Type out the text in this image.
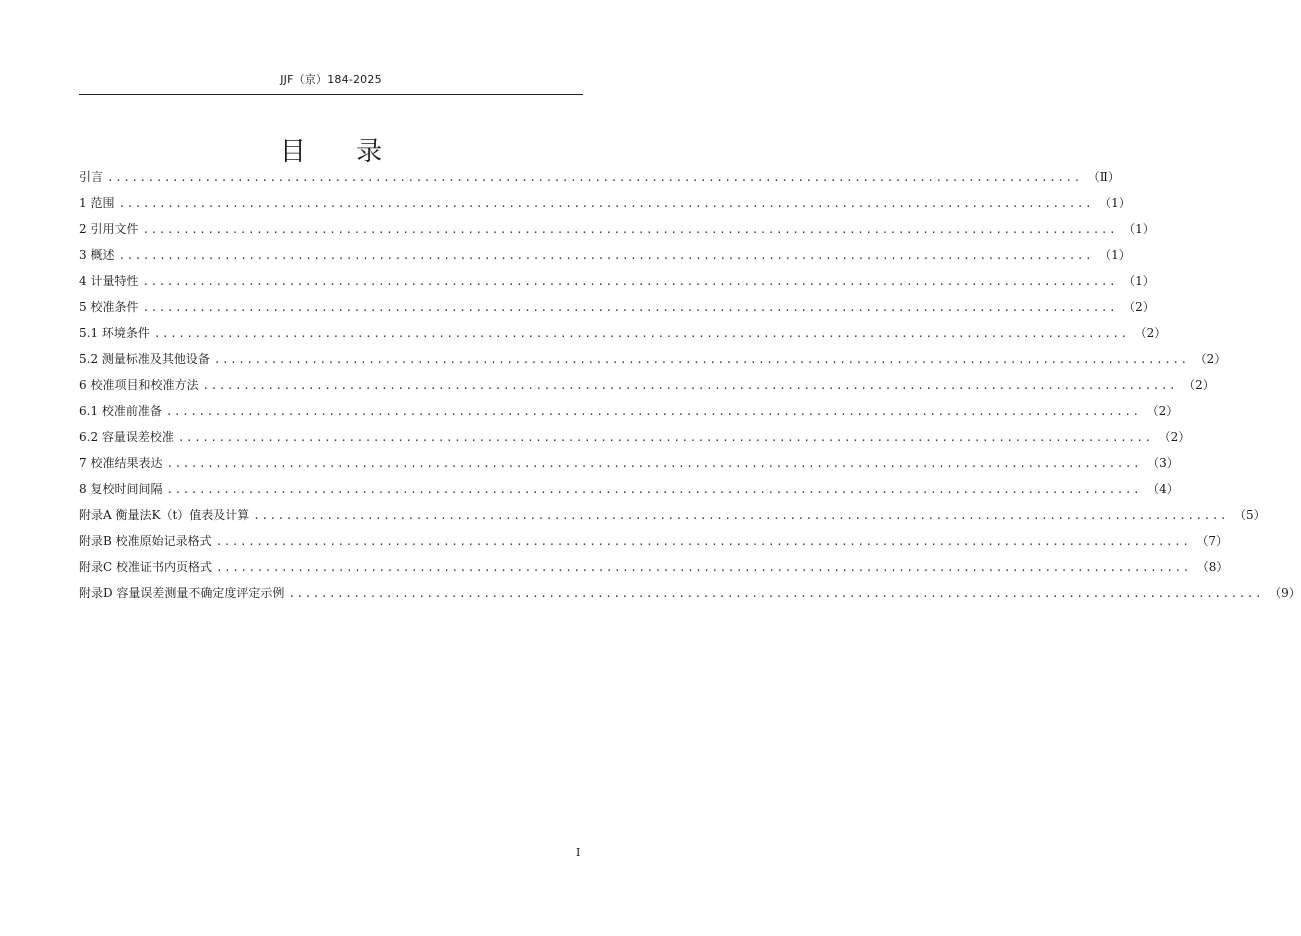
JJF（京）184-2025
目 录
引言 ........................................................................................................................ （Ⅱ）
1 范围 ........................................................................................................................ （1）
2 引用文件 ........................................................................................................................ （1）
3 概述 ........................................................................................................................ （1）
4 计量特性 ........................................................................................................................ （1）
5 校准条件 ........................................................................................................................ （2）
5.1 环境条件 ........................................................................................................................ （2）
5.2 测量标准及其他设备 ........................................................................................................................ （2）
6 校准项目和校准方法 ........................................................................................................................ （2）
6.1 校准前准备 ........................................................................................................................ （2）
6.2 容量误差校准 ........................................................................................................................ （2）
7 校准结果表达 ........................................................................................................................ （3）
8 复校时间间隔 ........................................................................................................................ （4）
附录A 衡量法K（t）值表及计算 ........................................................................................................................ （5）
附录B 校准原始记录格式 ........................................................................................................................ （7）
附录C 校准证书内页格式 ........................................................................................................................ （8）
附录D 容量误差测量不确定度评定示例 ........................................................................................................................ （9）
I
